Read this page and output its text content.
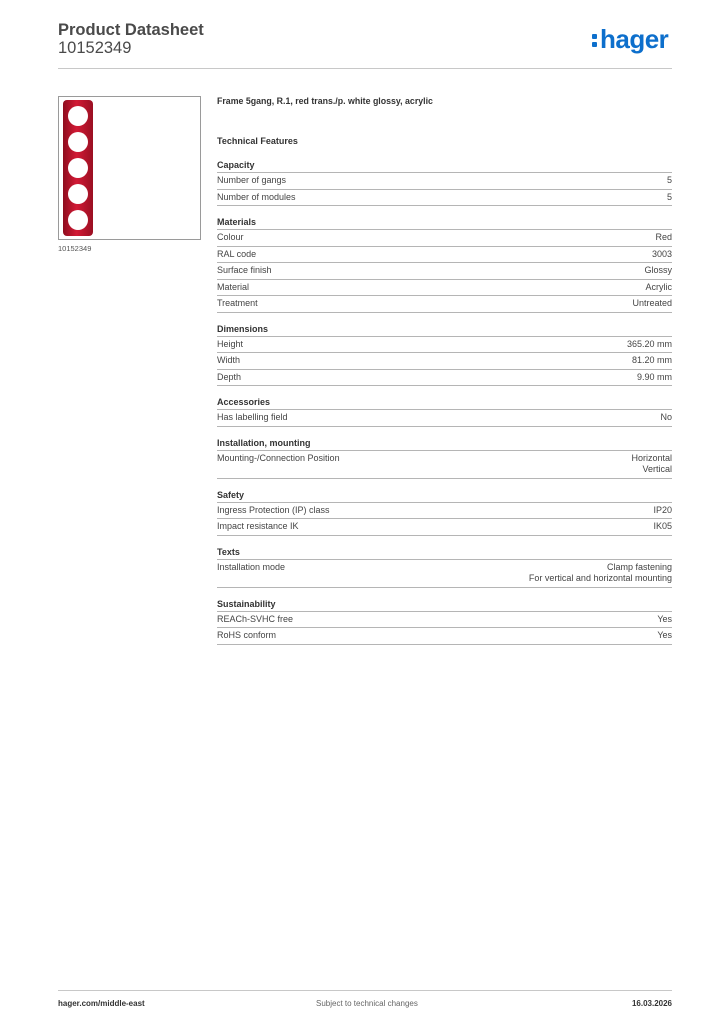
Product Datasheet
10152349	hager
10152349
Frame 5gang, R.1, red trans./p. white glossy, acrylic
Technical Features
Capacity
Number of gangs	5
Number of modules	5
Materials
Colour	Red
RAL code	3003
Surface finish	Glossy
Material	Acrylic
Treatment	Untreated
Dimensions
Height	365.20 mm
Width	81.20 mm
Depth	9.90 mm
Accessories
Has labelling field	No
Installation, mounting
Mounting-/Connection Position	Horizontal
Vertical
Safety
Ingress Protection (IP) class	IP20
Impact resistance IK	IK05
Texts
Installation mode	Clamp fastening
For vertical and horizontal mounting
Sustainability
REACh-SVHC free	Yes
RoHS conform	Yes
hager.com/middle-east	Subject to technical changes	16.03.2026
